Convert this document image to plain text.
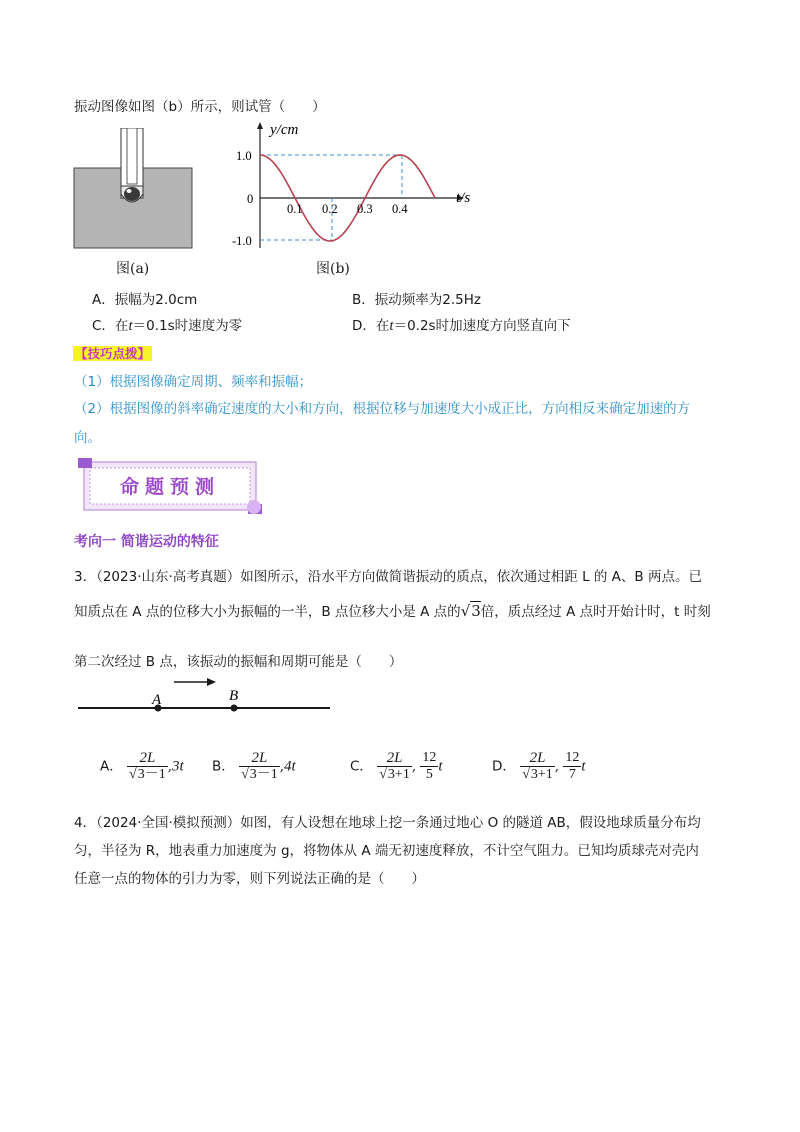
振动图像如图（b）所示，则试管（　　）
图(a)
y/cm
1.0
0
-1.0
0.1 0.2 0.3 0.4
t/s
图(b)
A．振幅为2.0cm	B．振动频率为2.5Hz
C．在t＝0.1s时速度为零	D．在t＝0.2s时加速度方向竖直向下
【技巧点拨】
（1）根据图像确定周期、频率和振幅；
（2）根据图像的斜率确定速度的大小和方向，根据位移与加速度大小成正比，方向相反来确定加速的方
向。
命题预测
考向一 简谐运动的特征
3．（2023·山东·高考真题）如图所示，沿水平方向做简谐振动的质点，依次通过相距 L 的 A、B 两点。已
知质点在 A 点的位移大小为振幅的一半，B 点位移大小是 A 点的√3倍，质点经过 A 点时开始计时，t 时刻
第二次经过 B 点，该振动的振幅和周期可能是（　　）
A	B
A． $\frac{2L}{√3-1} ,3t$ B． $\frac{2L}{√3-1} ,4t$	C． $\frac{2L}{√3+1}$ , $\frac{12}{5}$ t	D． $\frac{2L}{√3+1}$ , $\frac{12}{7}$ t
4．（2024·全国·模拟预测）如图，有人设想在地球上挖一条通过地心 O 的隧道 AB，假设地球质量分布均
匀，半径为 R，地表重力加速度为 g，将物体从 A 端无初速度释放，不计空气阻力。已知均质球壳对壳内
任意一点的物体的引力为零，则下列说法正确的是（　　）
